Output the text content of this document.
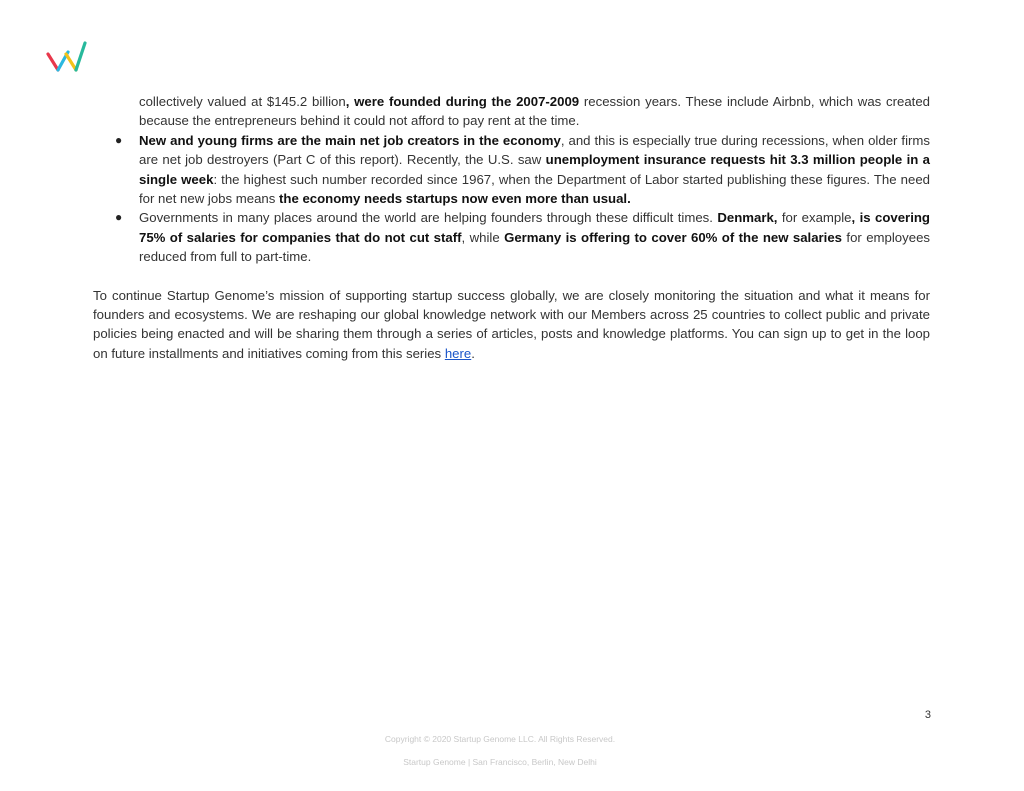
collectively valued at $145.2 billion, were founded during the 2007-2009 recession years. These include Airbnb, which was created because the entrepreneurs behind it could not afford to pay rent at the time.

● New and young firms are the main net job creators in the economy, and this is especially true during recessions, when older firms are net job destroyers (Part C of this report). Recently, the U.S. saw unemployment insurance requests hit 3.3 million people in a single week: the highest such number recorded since 1967, when the Department of Labor started publishing these figures. The need for net new jobs means the economy needs startups now even more than usual.
● Governments in many places around the world are helping founders through these difficult times. Denmark, for example, is covering 75% of salaries for companies that do not cut staff, while Germany is offering to cover 60% of the new salaries for employees reduced from full to part-time.

To continue Startup Genome’s mission of supporting startup success globally, we are closely monitoring the situation and what it means for founders and ecosystems. We are reshaping our global knowledge network with our Members across 25 countries to collect public and private policies being enacted and will be sharing them through a series of articles, posts and knowledge platforms. You can sign up to get in the loop on future installments and initiatives coming from this series here.

3
Copyright © 2020 Startup Genome LLC. All Rights Reserved.
Startup Genome | San Francisco, Berlin, New Delhi
